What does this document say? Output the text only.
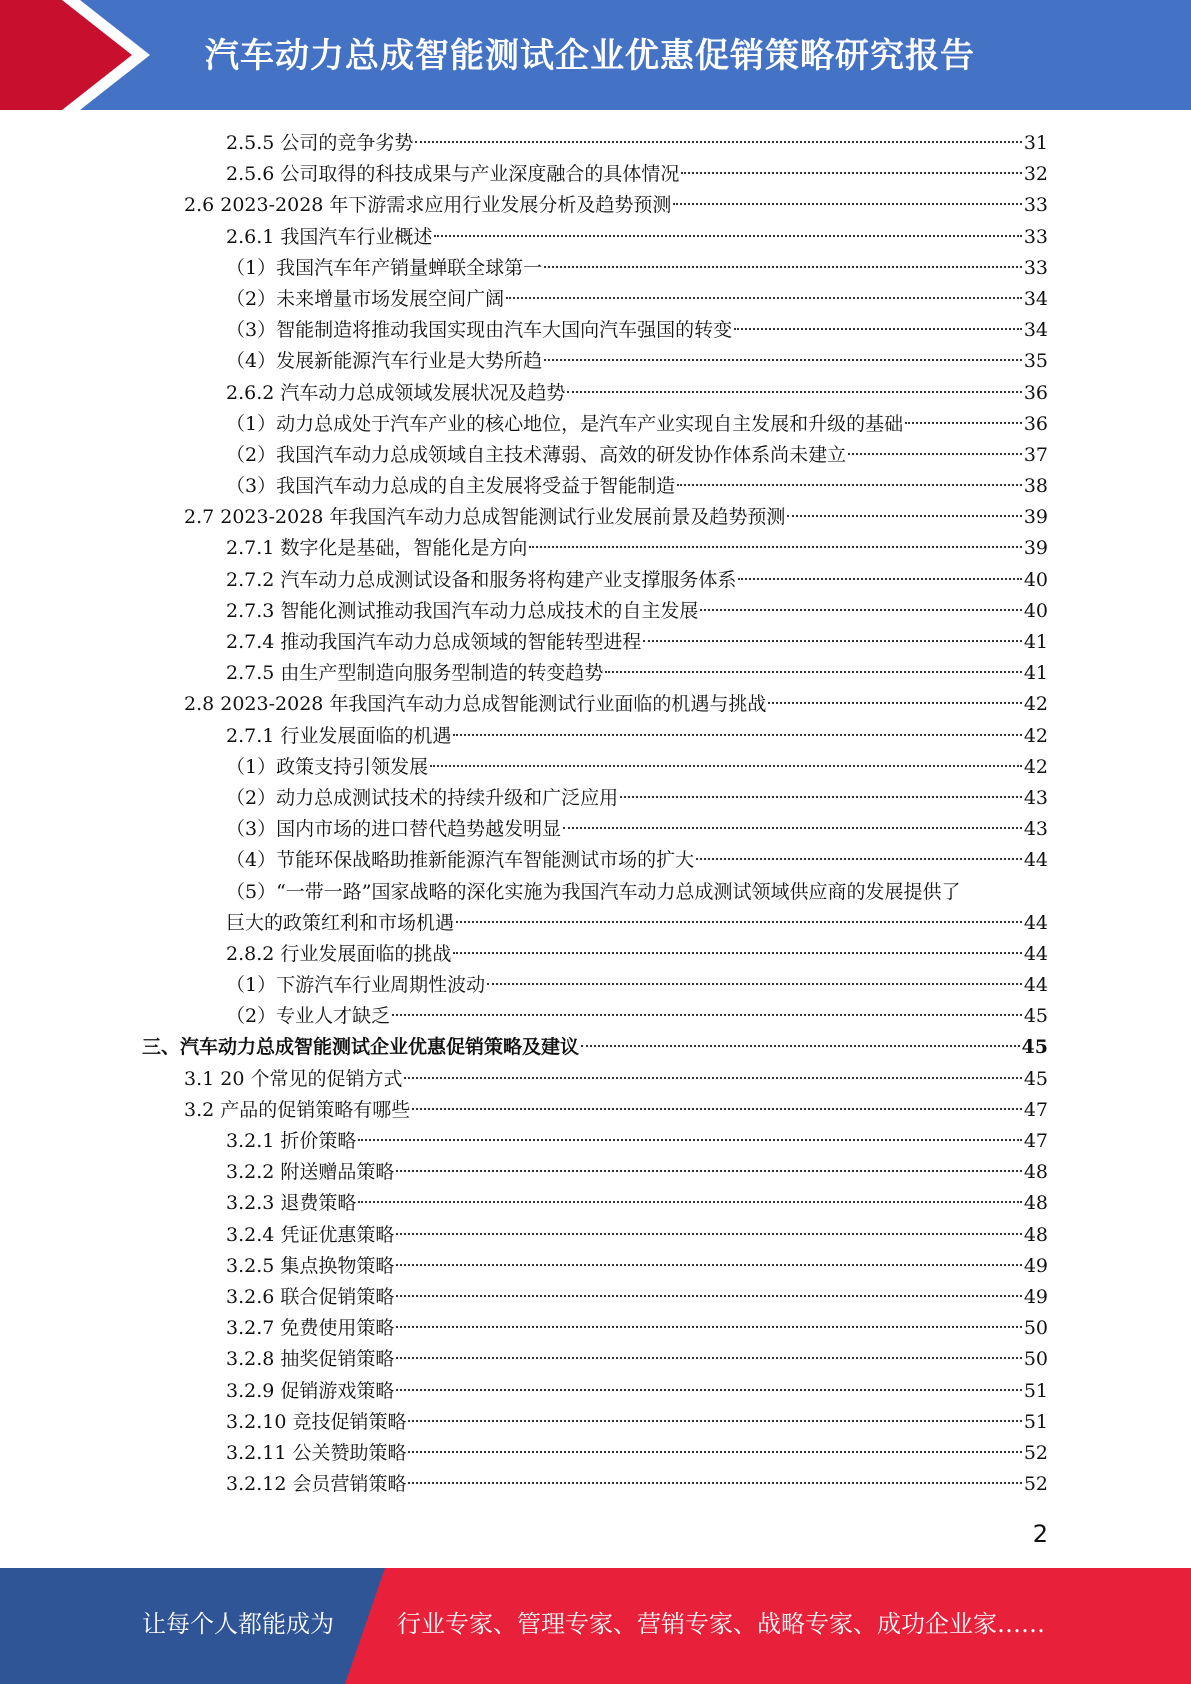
汽车动力总成智能测试企业优惠促销策略研究报告
2.5.5 公司的竞争劣势	31
2.5.6 公司取得的科技成果与产业深度融合的具体情况	32
2.6 2023-2028 年下游需求应用行业发展分析及趋势预测	33
2.6.1 我国汽车行业概述	33
（1）我国汽车年产销量蝉联全球第一	33
（2）未来增量市场发展空间广阔	34
（3）智能制造将推动我国实现由汽车大国向汽车强国的转变	34
（4）发展新能源汽车行业是大势所趋	35
2.6.2 汽车动力总成领域发展状况及趋势	36
（1）动力总成处于汽车产业的核心地位，是汽车产业实现自主发展和升级的基础	36
（2）我国汽车动力总成领域自主技术薄弱、高效的研发协作体系尚未建立	37
（3）我国汽车动力总成的自主发展将受益于智能制造	38
2.7 2023-2028 年我国汽车动力总成智能测试行业发展前景及趋势预测	39
2.7.1 数字化是基础，智能化是方向	39
2.7.2 汽车动力总成测试设备和服务将构建产业支撑服务体系	40
2.7.3 智能化测试推动我国汽车动力总成技术的自主发展	40
2.7.4 推动我国汽车动力总成领域的智能转型进程	41
2.7.5 由生产型制造向服务型制造的转变趋势	41
2.8 2023-2028 年我国汽车动力总成智能测试行业面临的机遇与挑战	42
2.7.1 行业发展面临的机遇	42
（1）政策支持引领发展	42
（2）动力总成测试技术的持续升级和广泛应用	43
（3）国内市场的进口替代趋势越发明显	43
（4）节能环保战略助推新能源汽车智能测试市场的扩大	44
（5）“一带一路”国家战略的深化实施为我国汽车动力总成测试领域供应商的发展提供了
巨大的政策红利和市场机遇	44
2.8.2 行业发展面临的挑战	44
（1）下游汽车行业周期性波动	44
（2）专业人才缺乏	45
三、汽车动力总成智能测试企业优惠促销策略及建议	45
3.1 20 个常见的促销方式	45
3.2 产品的促销策略有哪些	47
3.2.1 折价策略	47
3.2.2 附送赠品策略	48
3.2.3 退费策略	48
3.2.4 凭证优惠策略	48
3.2.5 集点换物策略	49
3.2.6 联合促销策略	49
3.2.7 免费使用策略	50
3.2.8 抽奖促销策略	50
3.2.9 促销游戏策略	51
3.2.10 竞技促销策略	51
3.2.11 公关赞助策略	52
3.2.12 会员营销策略	52
2
让每个人都能成为	行业专家、管理专家、营销专家、战略专家、成功企业家……
